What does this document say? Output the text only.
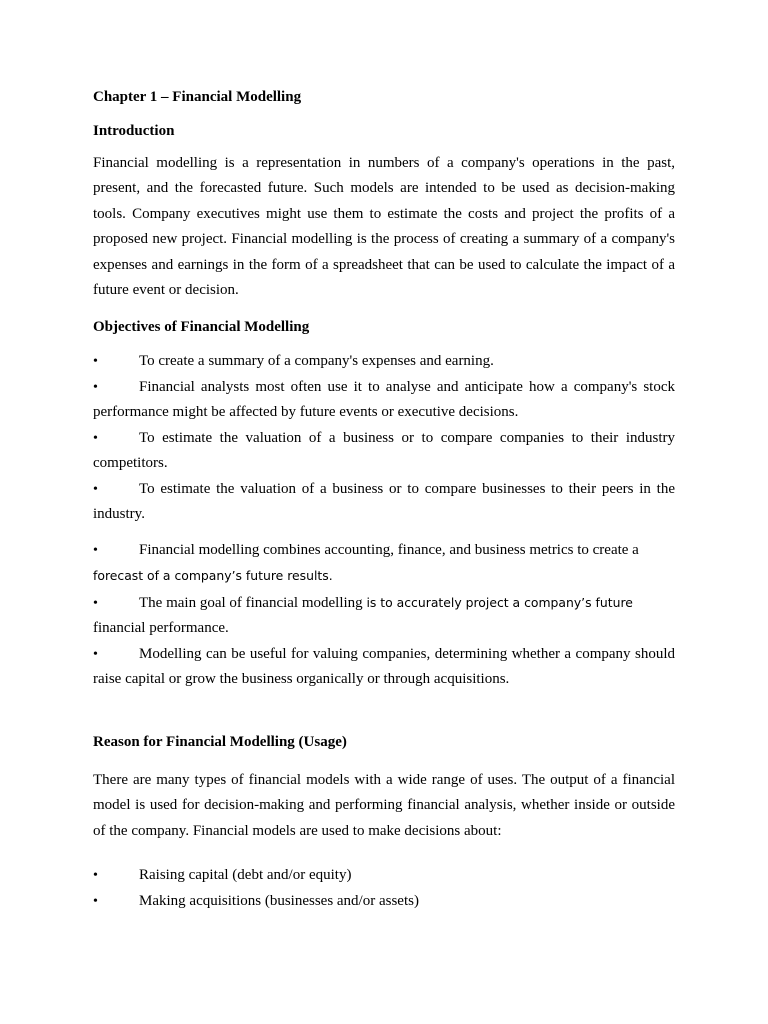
Chapter 1 – Financial Modelling
Introduction
Financial modelling is a representation in numbers of a company's operations in the past, present, and the forecasted future. Such models are intended to be used as decision-making tools. Company executives might use them to estimate the costs and project the profits of a proposed new project. Financial modelling is the process of creating a summary of a company's expenses and earnings in the form of a spreadsheet that can be used to calculate the impact of a future event or decision.
Objectives of Financial Modelling
•	To create a summary of a company's expenses and earning.
•	Financial analysts most often use it to analyse and anticipate how a company's stock performance might be affected by future events or executive decisions.
•	To estimate the valuation of a business or to compare companies to their industry competitors.
•	To estimate the valuation of a business or to compare businesses to their peers in the industry.
•	Financial modelling combines accounting, finance, and business metrics to create a
forecast of a company’s future results.
•	The main goal of financial modelling is to accurately project a company’s future
financial performance.
•	Modelling can be useful for valuing companies, determining whether a company should raise capital or grow the business organically or through acquisitions.
Reason for Financial Modelling (Usage)
There are many types of financial models with a wide range of uses. The output of a financial model is used for decision-making and performing financial analysis, whether inside or outside of the company. Financial models are used to make decisions about:
•	Raising capital (debt and/or equity)
•	Making acquisitions (businesses and/or assets)
